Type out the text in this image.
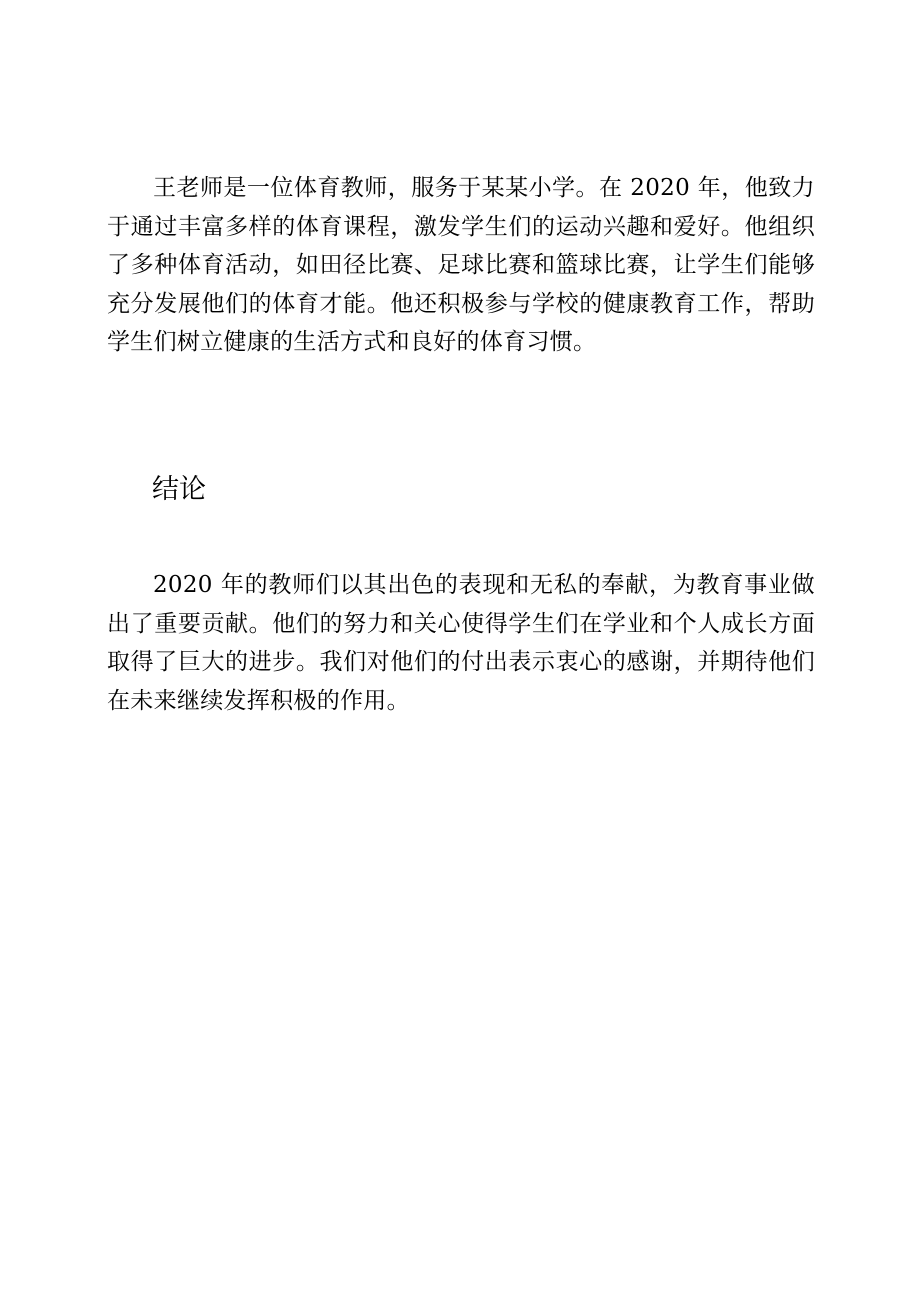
王老师是一位体育教师，服务于某某小学。在 2020 年，他致力于通过丰富多样的体育课程，激发学生们的运动兴趣和爱好。他组织了多种体育活动，如田径比赛、足球比赛和篮球比赛，让学生们能够充分发展他们的体育才能。他还积极参与学校的健康教育工作，帮助学生们树立健康的生活方式和良好的体育习惯。

结论

2020 年的教师们以其出色的表现和无私的奉献，为教育事业做出了重要贡献。他们的努力和关心使得学生们在学业和个人成长方面取得了巨大的进步。我们对他们的付出表示衷心的感谢，并期待他们在未来继续发挥积极的作用。
